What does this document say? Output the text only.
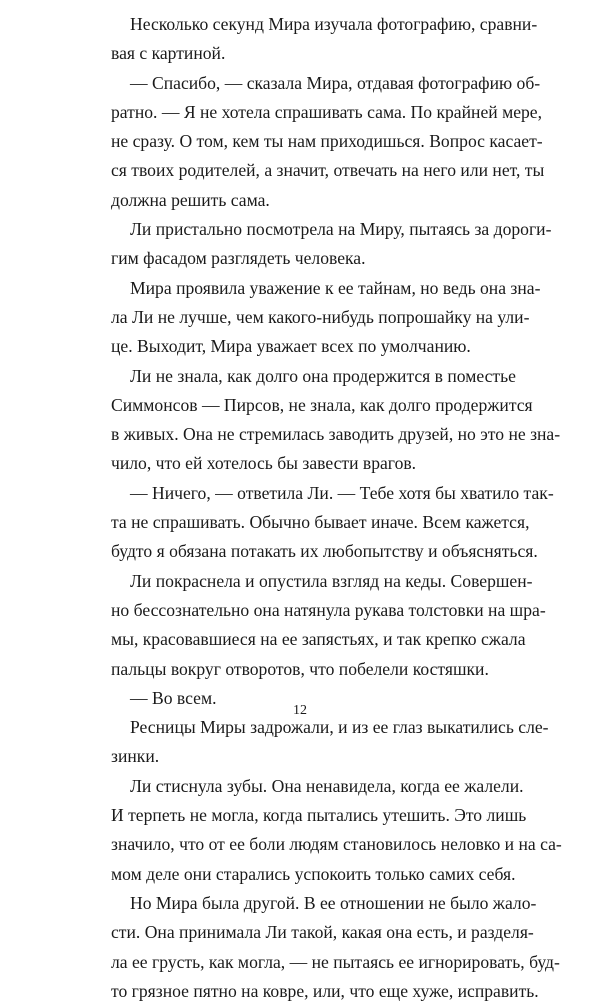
Несколько секунд Мира изучала фотографию, сравни-
вая с картиной.
— Спасибо, — сказала Мира, отдавая фотографию об-
ратно. — Я не хотела спрашивать сама. По крайней мере,
не сразу. О том, кем ты нам приходишься. Вопрос касает-
ся твоих родителей, а значит, отвечать на него или нет, ты
должна решить сама.
Ли пристально посмотрела на Миру, пытаясь за дороги-
гим фасадом разглядеть человека.
Мира проявила уважение к ее тайнам, но ведь она зна-
ла Ли не лучше, чем какого-нибудь попрошайку на ули-
це. Выходит, Мира уважает всех по умолчанию.
Ли не знала, как долго она продержится в поместье
Симмонсов — Пирсов, не знала, как долго продержится
в живых. Она не стремилась заводить друзей, но это не зна-
чило, что ей хотелось бы завести врагов.
— Ничего, — ответила Ли. — Тебе хотя бы хватило так-
та не спрашивать. Обычно бывает иначе. Всем кажется,
будто я обязана потакать их любопытству и объясняться.
Ли покраснела и опустила взгляд на кеды. Совершен-
но бессознательно она натянула рукава толстовки на шра-
мы, красовавшиеся на ее запястьях, и так крепко сжала
пальцы вокруг отворотов, что побелели костяшки.
— Во всем.
Ресницы Миры задрожали, и из ее глаз выкатились слe-
зинки.
Ли стиснула зубы. Она ненавидела, когда ее жалели.
И терпеть не могла, когда пытались утешить. Это лишь
значило, что от ее боли людям становилось неловко и на са-
мом деле они старались успокоить только самих себя.
Но Мира была другой. В ее отношении не было жало-
сти. Она принимала Ли такой, какая она есть, и разделя-
ла ее грусть, как могла, — не пытаясь ее игнорировать, буд-
то грязное пятно на ковре, или, что еще хуже, исправить.
12
